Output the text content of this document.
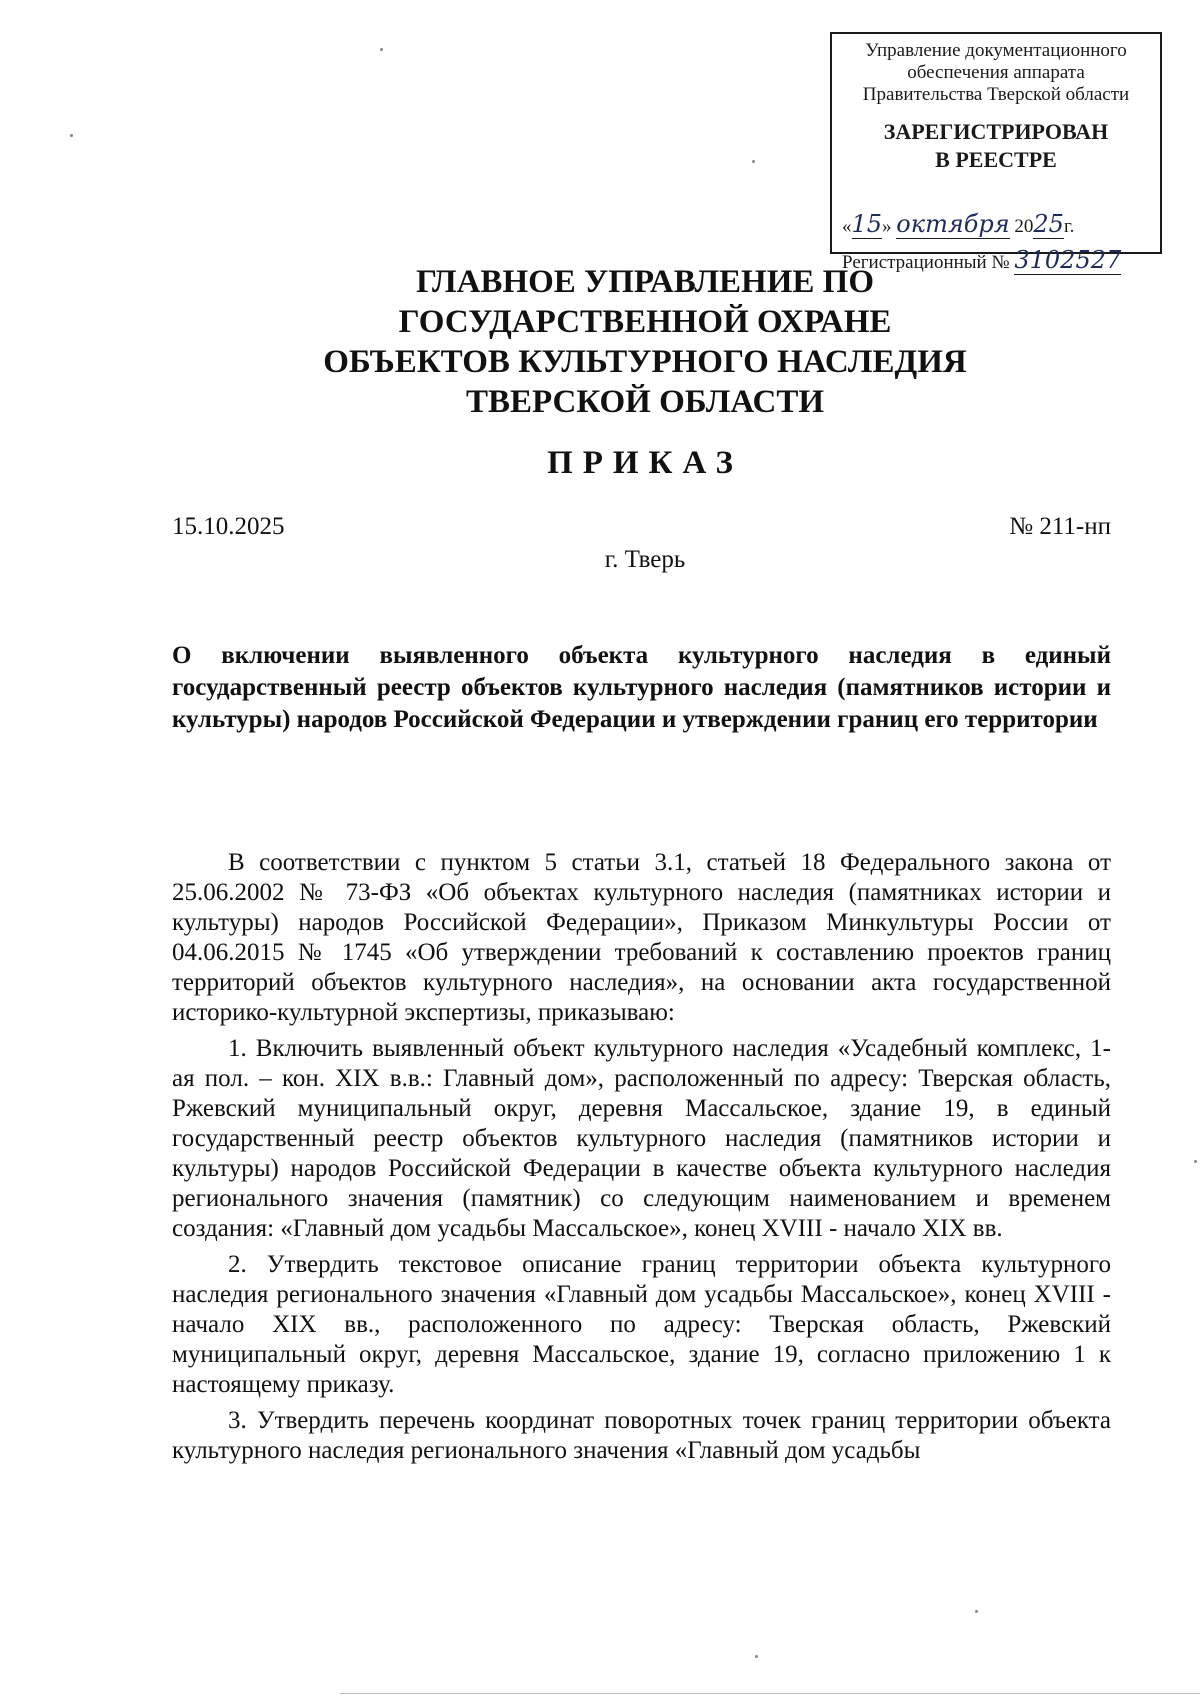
Управление документационного
обеспечения аппарата
Правительства Тверской области
ЗАРЕГИСТРИРОВАН
В РЕЕСТРЕ
«15» октября 2025г.
Регистрационный № 3102527
ГЛАВНОЕ УПРАВЛЕНИЕ ПО
ГОСУДАРСТВЕННОЙ ОХРАНЕ
ОБЪЕКТОВ КУЛЬТУРНОГО НАСЛЕДИЯ
ТВЕРСКОЙ ОБЛАСТИ
ПРИКАЗ
15.10.2025	№ 211-нп
г. Тверь
О включении выявленного объекта культурного наследия в единый государственный реестр объектов культурного наследия (памятников истории и культуры) народов Российской Федерации и утверждении границ его территории

В соответствии с пунктом 5 статьи 3.1, статьей 18 Федерального закона от 25.06.2002 № 73-ФЗ «Об объектах культурного наследия (памятниках истории и культуры) народов Российской Федерации», Приказом Минкультуры России от 04.06.2015 № 1745 «Об утверждении требований к составлению проектов границ территорий объектов культурного наследия», на основании акта государственной историко-культурной экспертизы, приказываю:

1. Включить выявленный объект культурного наследия «Усадебный комплекс, 1-ая пол. – кон. XIX в.в.: Главный дом», расположенный по адресу: Тверская область, Ржевский муниципальный округ, деревня Массальское, здание 19, в единый государственный реестр объектов культурного наследия (памятников истории и культуры) народов Российской Федерации в качестве объекта культурного наследия регионального значения (памятник) со следующим наименованием и временем создания: «Главный дом усадьбы Массальское», конец XVIII - начало XIX вв.

2. Утвердить текстовое описание границ территории объекта культурного наследия регионального значения «Главный дом усадьбы Массальское», конец XVIII - начало XIX вв., расположенного по адресу: Тверская область, Ржевский муниципальный округ, деревня Массальское, здание 19, согласно приложению 1 к настоящему приказу.

3. Утвердить перечень координат поворотных точек границ территории объекта культурного наследия регионального значения «Главный дом усадьбы
